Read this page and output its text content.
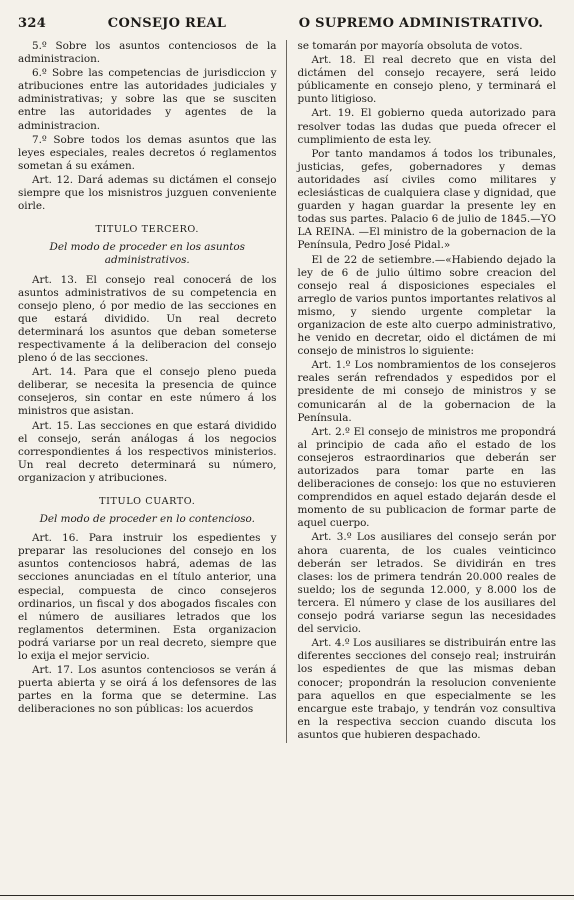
324	CONSEJO REAL	O SUPREMO ADMINISTRATIVO.

5.º Sobre los asuntos contenciosos de la administracion.

6.º Sobre las competencias de jurisdiccion y atribuciones entre las autoridades judiciales y administrativas; y sobre las que se susciten entre las autoridades y agentes de la administracion.

7.º Sobre todos los demas asuntos que las leyes especiales, reales decretos ó reglamentos sometan á su exámen.

Art. 12. Dará ademas su dictámen el consejo siempre que los misnistros juzguen conveniente oirle.

TITULO TERCERO.
Del modo de proceder en los asuntos administrativos.

Art. 13. El consejo real conocerá de los asuntos administrativos de su competencia en consejo pleno, ó por medio de las secciones en que estará dividido. Un real decreto determinará los asuntos que deban someterse respectivamente á la deliberacion del consejo pleno ó de las secciones.

Art. 14. Para que el consejo pleno pueda deliberar, se necesita la presencia de quince consejeros, sin contar en este número á los ministros que asistan.

Art. 15. Las secciones en que estará dividido el consejo, serán análogas á los negocios correspondientes á los respectivos ministerios. Un real decreto determinará su número, organizacion y atribuciones.

TITULO CUARTO.
Del modo de proceder en lo contencioso.

Art. 16. Para instruir los espedientes y preparar las resoluciones del consejo en los asuntos contenciosos habrá, ademas de las secciones anunciadas en el título anterior, una especial, compuesta de cinco consejeros ordinarios, un fiscal y dos abogados fiscales con el número de ausiliares letrados que los reglamentos determinen. Esta organizacion podrá variarse por un real decreto, siempre que lo exija el mejor servicio.

Art. 17. Los asuntos contenciosos se verán á puerta abierta y se oirá á los defensores de las partes en la forma que se determine. Las deliberaciones no son públicas: los acuerdos

se tomarán por mayoría obsoluta de votos.

Art. 18. El real decreto que en vista del dictámen del consejo recayere, será leido públicamente en consejo pleno, y terminará el punto litigioso.

Art. 19. El gobierno queda autorizado para resolver todas las dudas que pueda ofrecer el cumplimiento de esta ley.

Por tanto mandamos á todos los tribunales, justicias, gefes, gobernadores y demas autoridades así civiles como militares y eclesiásticas de cualquiera clase y dignidad, que guarden y hagan guardar la presente ley en todas sus partes. Palacio 6 de julio de 1845.—YO LA REINA. —El ministro de la gobernacion de la Península, Pedro José Pidal.»

El de 22 de setiembre.—«Habiendo dejado la ley de 6 de julio último sobre creacion del consejo real á disposiciones especiales el arreglo de varios puntos importantes relativos al mismo, y siendo urgente completar la organizacion de este alto cuerpo administrativo, he venido en decretar, oido el dictámen de mi consejo de ministros lo siguiente:

Art. 1.º Los nombramientos de los consejeros reales serán refrendados y espedidos por el presidente de mi consejo de ministros y se comunicarán al de la gobernacion de la Península.

Art. 2.º El consejo de ministros me propondrá al principio de cada año el estado de los consejeros estraordinarios que deberán ser autorizados para tomar parte en las deliberaciones de consejo: los que no estuvieren comprendidos en aquel estado dejarán desde el momento de su publicacion de formar parte de aquel cuerpo.

Art. 3.º Los ausiliares del consejo serán por ahora cuarenta, de los cuales veinticinco deberán ser letrados. Se dividirán en tres clases: los de primera tendrán 20.000 reales de sueldo; los de segunda 12.000, y 8.000 los de tercera. El número y clase de los ausiliares del consejo podrá variarse segun las necesidades del servicio.

Art. 4.º Los ausiliares se distribuirán entre las diferentes secciones del consejo real; instruirán los espedientes de que las mismas deban conocer; propondrán la resolucion conveniente para aquellos en que especialmente se les encargue este trabajo, y tendrán voz consultiva en la respectiva seccion cuando discuta los asuntos que hubieren despachado.
